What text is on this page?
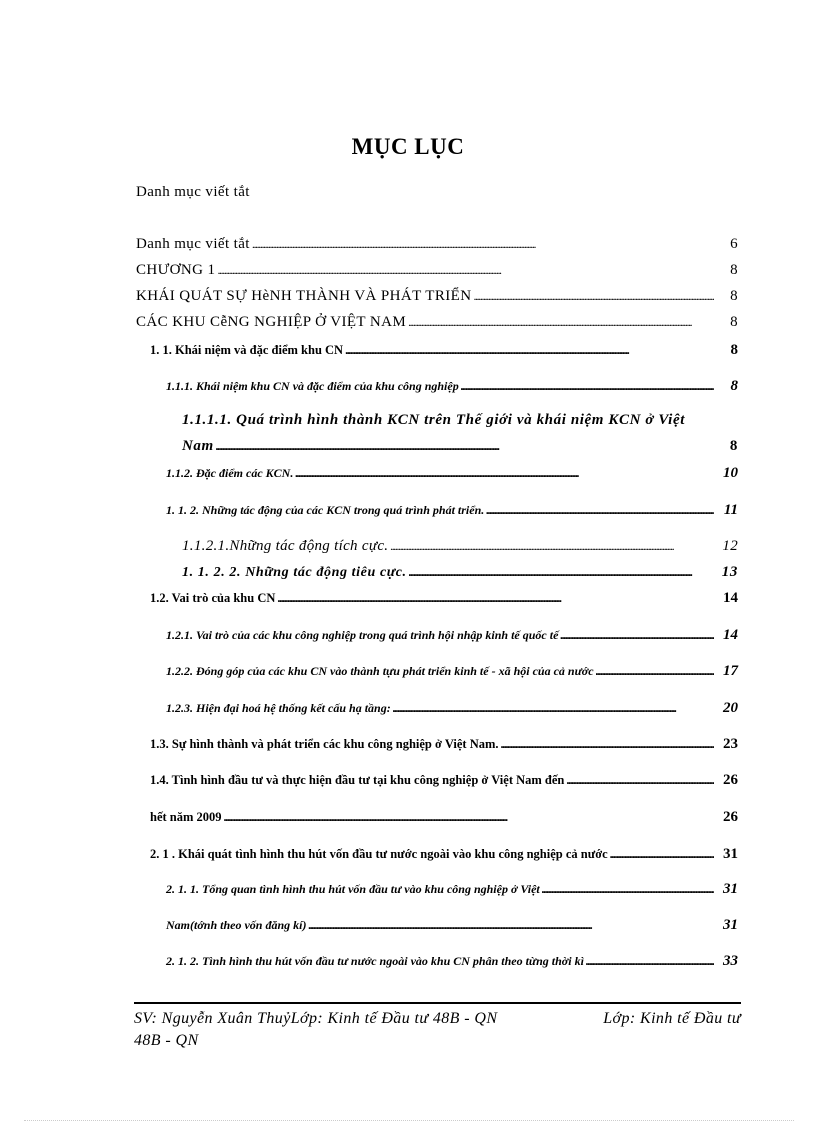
MỤC LỤC
Danh mục viết tắt
Danh mục viết tắt . . .	6
CHƯƠNG 1 . . .	8
KHÁI QUÁT SỰ HèNH THÀNH VÀ PHÁT TRIỂN . . .	8
CÁC KHU CễNG NGHIỆP Ở VIỆT NAM . . .	8
1. 1. Khái niệm và đặc điểm khu CN . . .	8
1.1.1. Khái niệm khu CN và đặc điểm của khu công nghiệp . . .	8
1.1.1.1. Quá trình hình thành KCN trên Thế giới và khái niệm KCN ở Việt
Nam . . .	8
1.1.2. Đặc điểm các KCN. . . .	10
1. 1. 2. Những tác động của các KCN trong quá trình phát triển. . . .	11
1.1.2.1.Những tác động tích cực. . . .	12
1. 1. 2. 2. Những tác động tiêu cực. . . .	13
1.2. Vai trò của khu CN . . .	14
1.2.1. Vai trò của các khu công nghiệp trong quá trình hội nhập kinh tế quốc tế . . .	14
1.2.2. Đóng góp của các khu CN vào thành tựu phát triển kinh tế - xã hội của cả nước . . .	17
1.2.3. Hiện đại hoá hệ thống kết cấu hạ tầng: . . .	20
1.3. Sự hình thành và phát triển các khu công nghiệp ở Việt Nam. . . .	23
1.4. Tình hình đầu tư và thực hiện đầu tư tại khu công nghiệp ở Việt Nam đến . . .	26
hết năm 2009 . . .	26
2. 1 . Khái quát tình hình thu hút vốn đầu tư nước ngoài vào khu công nghiệp cả nước . . .	31
2. 1. 1. Tổng quan tình hình thu hút vốn đầu tư vào khu công nghiệp ở Việt . . .	31
Nam(tớnh theo vốn đăng kí) . . .	31
2. 1. 2. Tình hình thu hút vốn đầu tư nước ngoài vào khu CN phân theo từng thời kì . . .	33
SV: Nguyễn Xuân ThuỷLớp: Kinh tế Đầu tư 48B - QN	Lớp: Kinh tế Đầu tư
48B - QN
